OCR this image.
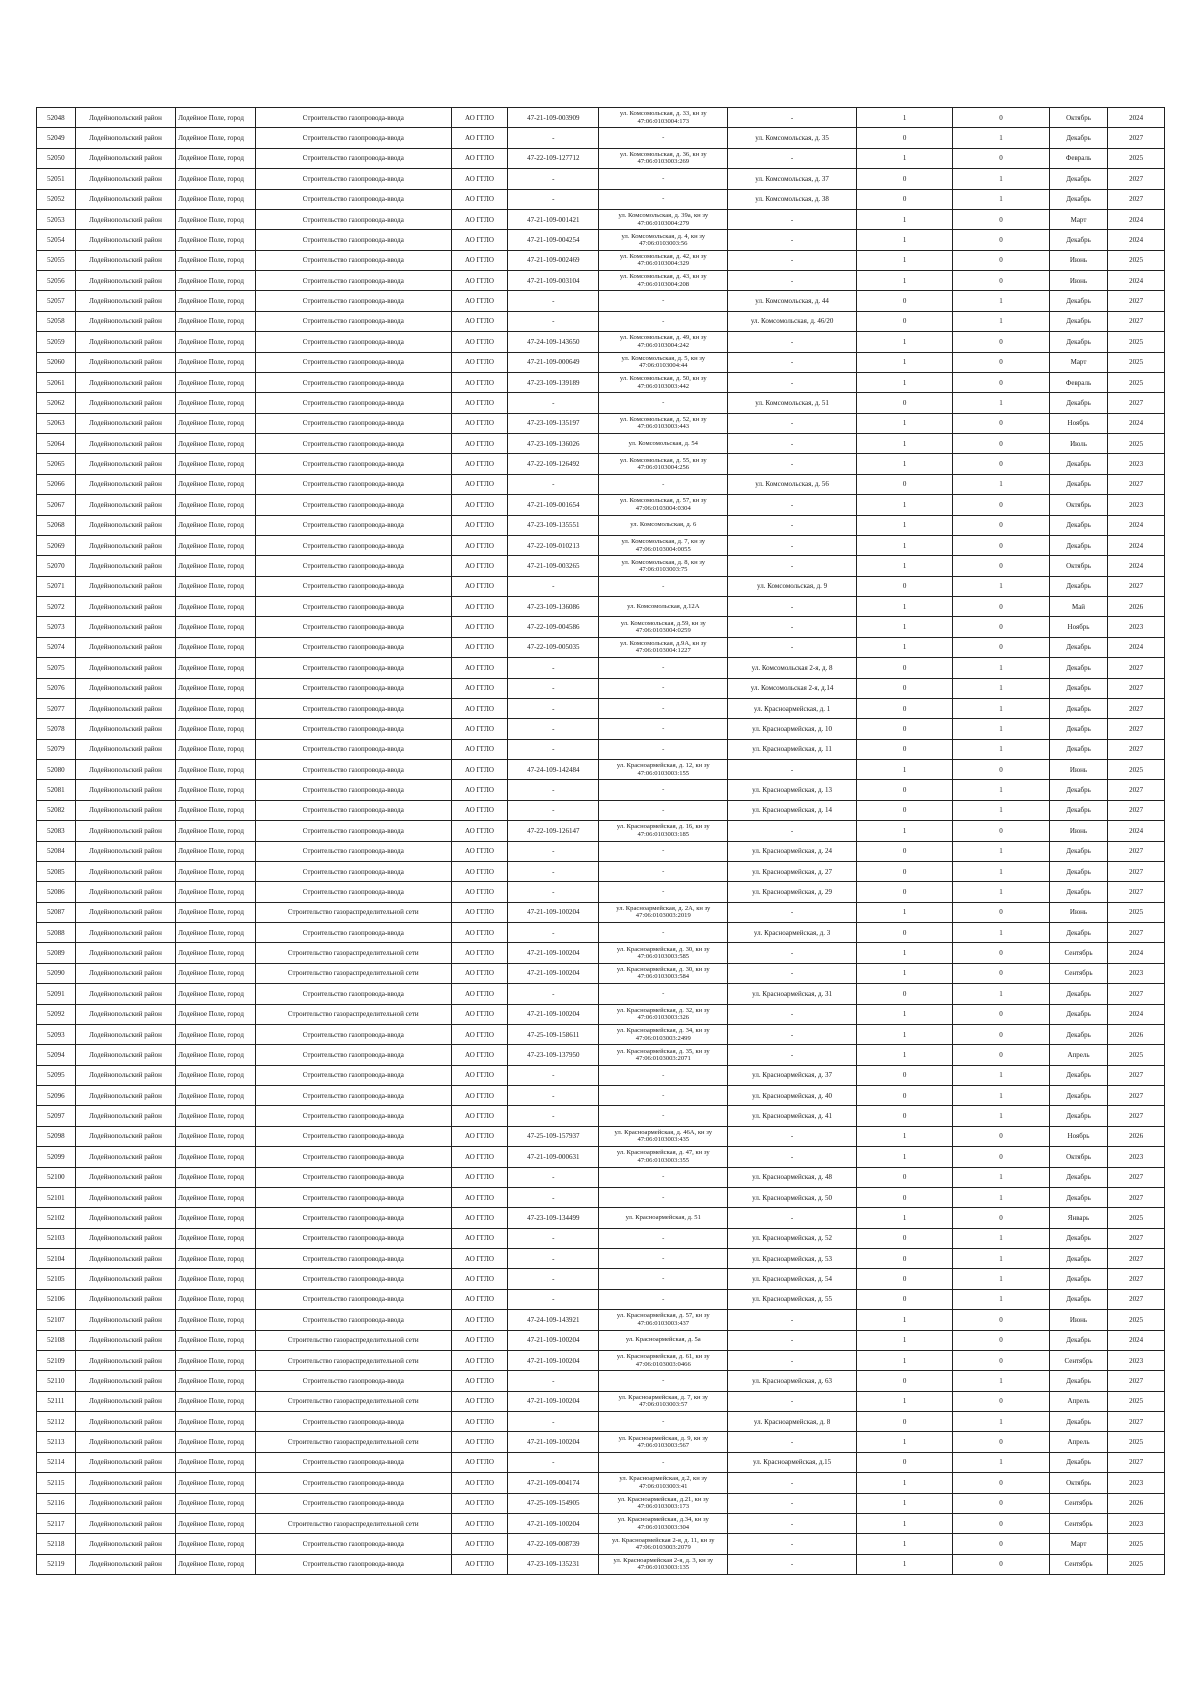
52048	Лодейнопольский район	Лодейное Поле, город	Строительство газопровода-ввода	АО ГГЛО	47-21-109-003909	ул. Комсомольская, д. 33, кн зу 47:06:0103004:173	-	1	0	Октябрь	2024
52049	Лодейнопольский район	Лодейное Поле, город	Строительство газопровода-ввода	АО ГГЛО	-	-	ул. Комсомольская, д. 35	0	1	Декабрь	2027
52050	Лодейнопольский район	Лодейное Поле, город	Строительство газопровода-ввода	АО ГГЛО	47-22-109-127712	ул. Комсомольская, д. 36, кн зу 47:06:0103003:269	-	1	0	Февраль	2025
52051	Лодейнопольский район	Лодейное Поле, город	Строительство газопровода-ввода	АО ГГЛО	-	-	ул. Комсомольская, д. 37	0	1	Декабрь	2027
52052	Лодейнопольский район	Лодейное Поле, город	Строительство газопровода-ввода	АО ГГЛО	-	-	ул. Комсомольская, д. 38	0	1	Декабрь	2027
52053	Лодейнопольский район	Лодейное Поле, город	Строительство газопровода-ввода	АО ГГЛО	47-21-109-001421	ул. Комсомольская, д. 39а, кн зу 47:06:0103004:279	-	1	0	Март	2024
52054	Лодейнопольский район	Лодейное Поле, город	Строительство газопровода-ввода	АО ГГЛО	47-21-109-004254	ул. Комсомольская, д. 4, кн зу 47:06:0103003:56	-	1	0	Декабрь	2024
52055	Лодейнопольский район	Лодейное Поле, город	Строительство газопровода-ввода	АО ГГЛО	47-21-109-002469	ул. Комсомольская, д. 42, кн зу 47:06:0103004:329	-	1	0	Июнь	2025
52056	Лодейнопольский район	Лодейное Поле, город	Строительство газопровода-ввода	АО ГГЛО	47-21-109-003104	ул. Комсомольская, д. 43, кн зу 47:06:0103004:208	-	1	0	Июнь	2024
52057	Лодейнопольский район	Лодейное Поле, город	Строительство газопровода-ввода	АО ГГЛО	-	-	ул. Комсомольская, д. 44	0	1	Декабрь	2027
52058	Лодейнопольский район	Лодейное Поле, город	Строительство газопровода-ввода	АО ГГЛО	-	-	ул. Комсомольская, д. 46/20	0	1	Декабрь	2027
52059	Лодейнопольский район	Лодейное Поле, город	Строительство газопровода-ввода	АО ГГЛО	47-24-109-143650	ул. Комсомольская, д. 49, кн зу 47:06:0103004:242	-	1	0	Декабрь	2025
52060	Лодейнопольский район	Лодейное Поле, город	Строительство газопровода-ввода	АО ГГЛО	47-21-109-000649	ул. Комсомольская, д. 5, кн зу 47:06:0103004:44	-	1	0	Март	2025
52061	Лодейнопольский район	Лодейное Поле, город	Строительство газопровода-ввода	АО ГГЛО	47-23-109-139189	ул. Комсомольская, д. 50, кн зу 47:06:0103003:442	-	1	0	Февраль	2025
52062	Лодейнопольский район	Лодейное Поле, город	Строительство газопровода-ввода	АО ГГЛО	-	-	ул. Комсомольская, д. 51	0	1	Декабрь	2027
52063	Лодейнопольский район	Лодейное Поле, город	Строительство газопровода-ввода	АО ГГЛО	47-23-109-135197	ул. Комсомольская, д. 52, кн зу 47:06:0103003:443	-	1	0	Ноябрь	2024
52064	Лодейнопольский район	Лодейное Поле, город	Строительство газопровода-ввода	АО ГГЛО	47-23-109-136026	ул. Комсомольская, д. 54	-	1	0	Июль	2025
52065	Лодейнопольский район	Лодейное Поле, город	Строительство газопровода-ввода	АО ГГЛО	47-22-109-126492	ул. Комсомольская, д. 55, кн зу 47:06:0103004:256	-	1	0	Декабрь	2023
52066	Лодейнопольский район	Лодейное Поле, город	Строительство газопровода-ввода	АО ГГЛО	-	-	ул. Комсомольская, д. 56	0	1	Декабрь	2027
52067	Лодейнопольский район	Лодейное Поле, город	Строительство газопровода-ввода	АО ГГЛО	47-21-109-001654	ул. Комсомольская, д. 57, кн зу 47:06:0103004:0304	-	1	0	Октябрь	2023
52068	Лодейнопольский район	Лодейное Поле, город	Строительство газопровода-ввода	АО ГГЛО	47-23-109-135551	ул. Комсомольская, д. 6	-	1	0	Декабрь	2024
52069	Лодейнопольский район	Лодейное Поле, город	Строительство газопровода-ввода	АО ГГЛО	47-22-109-010213	ул. Комсомольская, д. 7, кн зу 47:06:0103004:0055	-	1	0	Декабрь	2024
52070	Лодейнопольский район	Лодейное Поле, город	Строительство газопровода-ввода	АО ГГЛО	47-21-109-003265	ул. Комсомольская, д. 8, кн зу 47:06:0103003:75	-	1	0	Октябрь	2024
52071	Лодейнопольский район	Лодейное Поле, город	Строительство газопровода-ввода	АО ГГЛО	-	-	ул. Комсомольская, д. 9	0	1	Декабрь	2027
52072	Лодейнопольский район	Лодейное Поле, город	Строительство газопровода-ввода	АО ГГЛО	47-23-109-136086	ул. Комсомольская, д.12А	-	1	0	Май	2026
52073	Лодейнопольский район	Лодейное Поле, город	Строительство газопровода-ввода	АО ГГЛО	47-22-109-004586	ул. Комсомольская, д.59, кн зу 47:06:0103004:0259	-	1	0	Ноябрь	2023
52074	Лодейнопольский район	Лодейное Поле, город	Строительство газопровода-ввода	АО ГГЛО	47-22-109-005035	ул. Комсомольская, д.9А, кн зу 47:06:0103004:1227	-	1	0	Декабрь	2024
52075	Лодейнопольский район	Лодейное Поле, город	Строительство газопровода-ввода	АО ГГЛО	-	-	ул. Комсомольская 2-я, д. 8	0	1	Декабрь	2027
52076	Лодейнопольский район	Лодейное Поле, город	Строительство газопровода-ввода	АО ГГЛО	-	-	ул. Комсомольская 2-я, д.14	0	1	Декабрь	2027
52077	Лодейнопольский район	Лодейное Поле, город	Строительство газопровода-ввода	АО ГГЛО	-	-	ул. Красноармейская, д. 1	0	1	Декабрь	2027
52078	Лодейнопольский район	Лодейное Поле, город	Строительство газопровода-ввода	АО ГГЛО	-	-	ул. Красноармейская, д. 10	0	1	Декабрь	2027
52079	Лодейнопольский район	Лодейное Поле, город	Строительство газопровода-ввода	АО ГГЛО	-	-	ул. Красноармейская, д. 11	0	1	Декабрь	2027
52080	Лодейнопольский район	Лодейное Поле, город	Строительство газопровода-ввода	АО ГГЛО	47-24-109-142484	ул. Красноармейская, д. 12, кн зу 47:06:0103003:155	-	1	0	Июнь	2025
52081	Лодейнопольский район	Лодейное Поле, город	Строительство газопровода-ввода	АО ГГЛО	-	-	ул. Красноармейская, д. 13	0	1	Декабрь	2027
52082	Лодейнопольский район	Лодейное Поле, город	Строительство газопровода-ввода	АО ГГЛО	-	-	ул. Красноармейская, д. 14	0	1	Декабрь	2027
52083	Лодейнопольский район	Лодейное Поле, город	Строительство газопровода-ввода	АО ГГЛО	47-22-109-126147	ул. Красноармейская, д. 16, кн зу 47:06:0103003:185	-	1	0	Июнь	2024
52084	Лодейнопольский район	Лодейное Поле, город	Строительство газопровода-ввода	АО ГГЛО	-	-	ул. Красноармейская, д. 24	0	1	Декабрь	2027
52085	Лодейнопольский район	Лодейное Поле, город	Строительство газопровода-ввода	АО ГГЛО	-	-	ул. Красноармейская, д. 27	0	1	Декабрь	2027
52086	Лодейнопольский район	Лодейное Поле, город	Строительство газопровода-ввода	АО ГГЛО	-	-	ул. Красноармейская, д. 29	0	1	Декабрь	2027
52087	Лодейнопольский район	Лодейное Поле, город	Строительство газораспределительной сети	АО ГГЛО	47-21-109-100204	ул. Красноармейская, д. 2А, кн зу 47:06:0103003:2019	-	1	0	Июнь	2025
52088	Лодейнопольский район	Лодейное Поле, город	Строительство газопровода-ввода	АО ГГЛО	-	-	ул. Красноармейская, д. 3	0	1	Декабрь	2027
52089	Лодейнопольский район	Лодейное Поле, город	Строительство газораспределительной сети	АО ГГЛО	47-21-109-100204	ул. Красноармейская, д. 30, кн зу 47:06:0103003:585	-	1	0	Сентябрь	2024
52090	Лодейнопольский район	Лодейное Поле, город	Строительство газораспределительной сети	АО ГГЛО	47-21-109-100204	ул. Красноармейская, д. 30, кн зу 47:06:0103003:584	-	1	0	Сентябрь	2023
52091	Лодейнопольский район	Лодейное Поле, город	Строительство газопровода-ввода	АО ГГЛО	-	-	ул. Красноармейская, д. 31	0	1	Декабрь	2027
52092	Лодейнопольский район	Лодейное Поле, город	Строительство газораспределительной сети	АО ГГЛО	47-21-109-100204	ул. Красноармейская, д. 32, кн зу 47:06:0103003:326	-	1	0	Декабрь	2024
52093	Лодейнопольский район	Лодейное Поле, город	Строительство газопровода-ввода	АО ГГЛО	47-25-109-158611	ул. Красноармейская, д. 34, кн зу 47:06:0103003:2499	-	1	0	Декабрь	2026
52094	Лодейнопольский район	Лодейное Поле, город	Строительство газопровода-ввода	АО ГГЛО	47-23-109-137950	ул. Красноармейская, д. 35, кн зу 47:06:0103003:2071	-	1	0	Апрель	2025
52095	Лодейнопольский район	Лодейное Поле, город	Строительство газопровода-ввода	АО ГГЛО	-	-	ул. Красноармейская, д. 37	0	1	Декабрь	2027
52096	Лодейнопольский район	Лодейное Поле, город	Строительство газопровода-ввода	АО ГГЛО	-	-	ул. Красноармейская, д. 40	0	1	Декабрь	2027
52097	Лодейнопольский район	Лодейное Поле, город	Строительство газопровода-ввода	АО ГГЛО	-	-	ул. Красноармейская, д. 41	0	1	Декабрь	2027
52098	Лодейнопольский район	Лодейное Поле, город	Строительство газопровода-ввода	АО ГГЛО	47-25-109-157937	ул. Красноармейская, д. 46А, кн зу 47:06:0103003:435	-	1	0	Ноябрь	2026
52099	Лодейнопольский район	Лодейное Поле, город	Строительство газопровода-ввода	АО ГГЛО	47-21-109-000631	ул. Красноармейская, д. 47, кн зу 47:06:0103003:355	-	1	0	Октябрь	2023
52100	Лодейнопольский район	Лодейное Поле, город	Строительство газопровода-ввода	АО ГГЛО	-	-	ул. Красноармейская, д. 48	0	1	Декабрь	2027
52101	Лодейнопольский район	Лодейное Поле, город	Строительство газопровода-ввода	АО ГГЛО	-	-	ул. Красноармейская, д. 50	0	1	Декабрь	2027
52102	Лодейнопольский район	Лодейное Поле, город	Строительство газопровода-ввода	АО ГГЛО	47-23-109-134499	ул. Красноармейская, д. 51	-	1	0	Январь	2025
52103	Лодейнопольский район	Лодейное Поле, город	Строительство газопровода-ввода	АО ГГЛО	-	-	ул. Красноармейская, д. 52	0	1	Декабрь	2027
52104	Лодейнопольский район	Лодейное Поле, город	Строительство газопровода-ввода	АО ГГЛО	-	-	ул. Красноармейская, д. 53	0	1	Декабрь	2027
52105	Лодейнопольский район	Лодейное Поле, город	Строительство газопровода-ввода	АО ГГЛО	-	-	ул. Красноармейская, д. 54	0	1	Декабрь	2027
52106	Лодейнопольский район	Лодейное Поле, город	Строительство газопровода-ввода	АО ГГЛО	-	-	ул. Красноармейская, д. 55	0	1	Декабрь	2027
52107	Лодейнопольский район	Лодейное Поле, город	Строительство газопровода-ввода	АО ГГЛО	47-24-109-143921	ул. Красноармейская, д. 57, кн зу 47:06:0103003:437	-	1	0	Июнь	2025
52108	Лодейнопольский район	Лодейное Поле, город	Строительство газораспределительной сети	АО ГГЛО	47-21-109-100204	ул. Красноармейская, д. 5а	-	1	0	Декабрь	2024
52109	Лодейнопольский район	Лодейное Поле, город	Строительство газораспределительной сети	АО ГГЛО	47-21-109-100204	ул. Красноармейская, д. 61, кн зу 47:06:0103003:0466	-	1	0	Сентябрь	2023
52110	Лодейнопольский район	Лодейное Поле, город	Строительство газопровода-ввода	АО ГГЛО	-	-	ул. Красноармейская, д. 63	0	1	Декабрь	2027
52111	Лодейнопольский район	Лодейное Поле, город	Строительство газораспределительной сети	АО ГГЛО	47-21-109-100204	ул. Красноармейская, д. 7, кн зу 47:06:0103003:57	-	1	0	Апрель	2025
52112	Лодейнопольский район	Лодейное Поле, город	Строительство газопровода-ввода	АО ГГЛО	-	-	ул. Красноармейская, д. 8	0	1	Декабрь	2027
52113	Лодейнопольский район	Лодейное Поле, город	Строительство газораспределительной сети	АО ГГЛО	47-21-109-100204	ул. Красноармейская, д. 9, кн зу 47:06:0103003:567	-	1	0	Апрель	2025
52114	Лодейнопольский район	Лодейное Поле, город	Строительство газопровода-ввода	АО ГГЛО	-	-	ул. Красноармейская, д.15	0	1	Декабрь	2027
52115	Лодейнопольский район	Лодейное Поле, город	Строительство газопровода-ввода	АО ГГЛО	47-21-109-004174	ул. Красноармейская, д.2, кн зу 47:06:0103003:41	-	1	0	Октябрь	2023
52116	Лодейнопольский район	Лодейное Поле, город	Строительство газопровода-ввода	АО ГГЛО	47-25-109-154905	ул. Красноармейская, д.21, кн зу 47:06:0103003:173	-	1	0	Сентябрь	2026
52117	Лодейнопольский район	Лодейное Поле, город	Строительство газораспределительной сети	АО ГГЛО	47-21-109-100204	ул. Красноармейская, д.34, кн зу 47:06:0103003:304	-	1	0	Сентябрь	2023
52118	Лодейнопольский район	Лодейное Поле, город	Строительство газопровода-ввода	АО ГГЛО	47-22-109-008739	ул. Красноармейская 2-я, д. 11, кн зу 47:06:0103003:2079	-	1	0	Март	2025
52119	Лодейнопольский район	Лодейное Поле, город	Строительство газопровода-ввода	АО ГГЛО	47-23-109-135231	ул. Красноармейская 2-я, д. 3, кн зу 47:06:0103003:135	-	1	0	Сентябрь	2025
